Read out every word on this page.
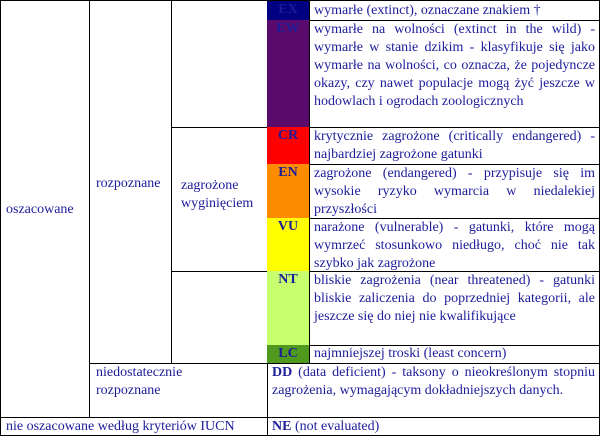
oszacowane
rozpoznane	zagrożone wyginięciem
EX
EW
CR
EN
VU
NT
LC
wymarłe (extinct), oznaczane znakiem †
wymarłe na wolności (extinct in the wild) - wymarłe w stanie dzikim - klasyfikuje się jako wymarłe na wolności, co oznacza, że pojedyncze okazy, czy nawet populacje mogą żyć jeszcze w hodowlach i ogrodach zoologicznych
krytycznie zagrożone (critically endangered) - najbardziej zagrożone gatunki
zagrożone (endangered) - przypisuje się im wysokie ryzyko wymarcia w niedalekiej przyszłości
narażone (vulnerable) - gatunki, które mogą wymrzeć stosunkowo niedługo, choć nie tak szybko jak zagrożone
bliskie zagrożenia (near threatened) - gatunki bliskie zaliczenia do poprzedniej kategorii, ale jeszcze się do niej nie kwalifikujące
najmniejszej troski (least concern)
niedostatecznie rozpoznane
DD (data deficient) - taksony o nieokreślonym stopniu zagrożenia, wymagającym dokładniejszych danych.
nie oszacowane według kryteriów IUCN	NE (not evaluated)
